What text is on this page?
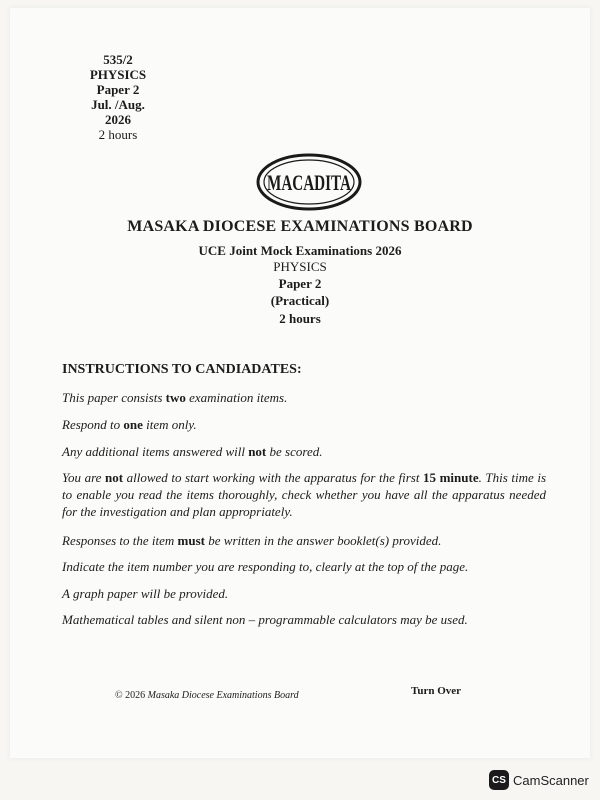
535/2
PHYSICS
Paper 2
Jul. /Aug. 2026
2 hours
MACADITA
MASAKA DIOCESE EXAMINATIONS BOARD
UCE Joint Mock Examinations 2026
PHYSICS
Paper 2
(Practical)
2 hours
INSTRUCTIONS TO CANDIADATES:
This paper consists two examination items.
Respond to one item only.
Any additional items answered will not be scored.
You are not allowed to start working with the apparatus for the first 15 minute. This time is to enable you read the items thoroughly, check whether you have all the apparatus needed for the investigation and plan appropriately.
Responses to the item must be written in the answer booklet(s) provided.
Indicate the item number you are responding to, clearly at the top of the page.
A graph paper will be provided.
Mathematical tables and silent non – programmable calculators may be used.
© 2026 Masaka Diocese Examinations Board	Turn Over
CS CamScanner
